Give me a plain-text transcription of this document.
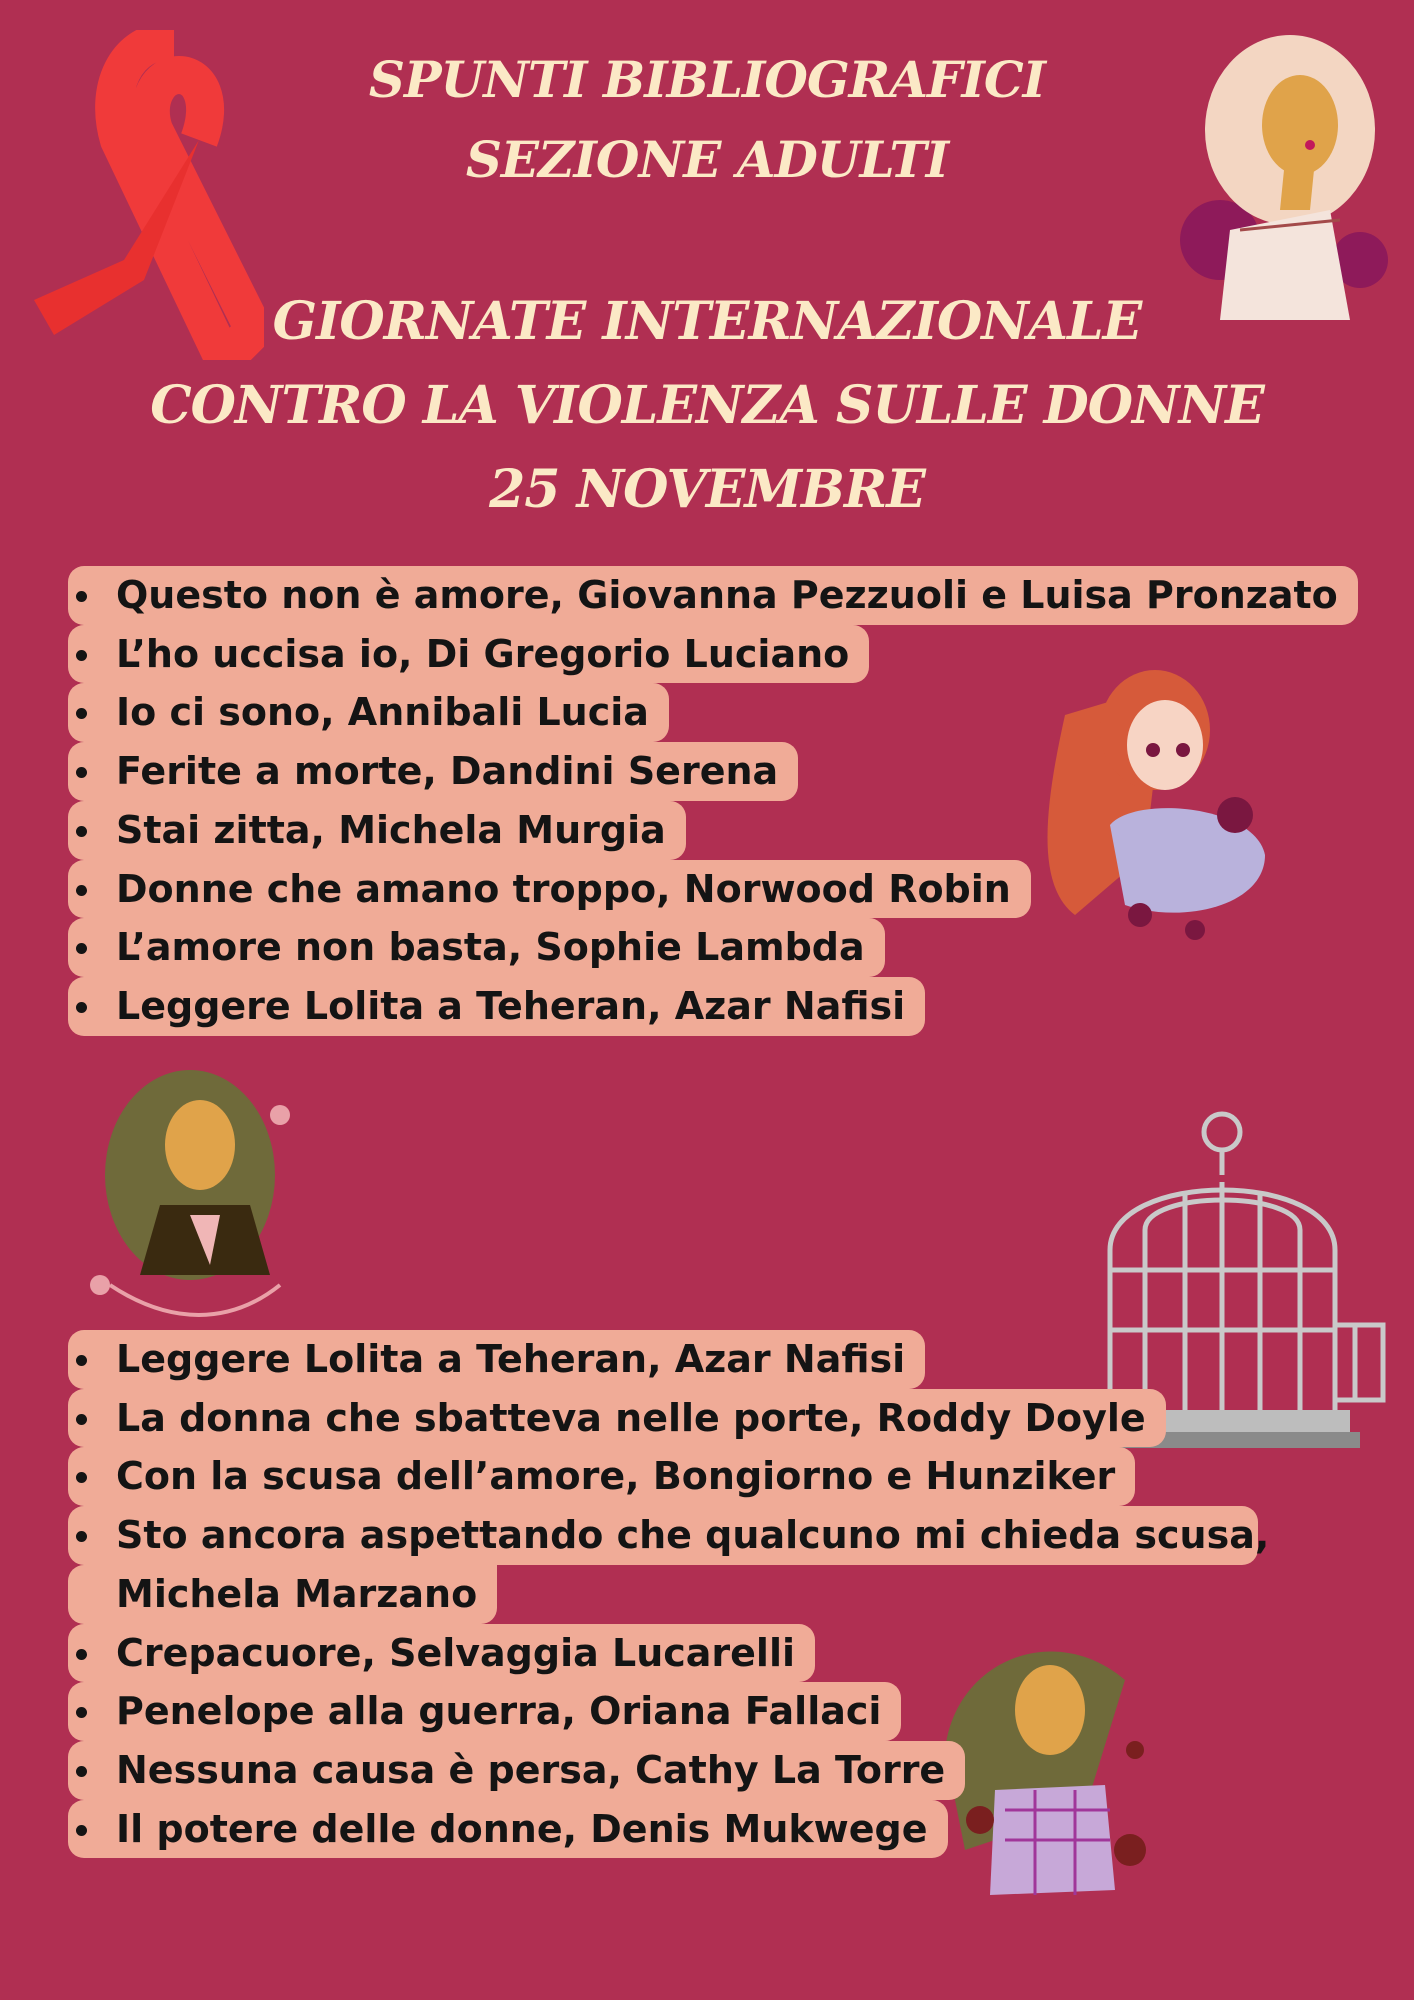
SPUNTI BIBLIOGRAFICI
SEZIONE ADULTI
GIORNATE INTERNAZIONALE
CONTRO LA VIOLENZA SULLE DONNE
25 NOVEMBRE
Questo non è amore, Giovanna Pezzuoli e Luisa Pronzato
L’ho uccisa io, Di Gregorio Luciano
Io ci sono, Annibali Lucia
Ferite a morte, Dandini Serena
Stai zitta, Michela Murgia
Donne che amano troppo, Norwood Robin
L’amore non basta, Sophie Lambda
Leggere Lolita a Teheran, Azar Nafisi
Leggere Lolita a Teheran, Azar Nafisi
La donna che sbatteva nelle porte, Roddy Doyle
Con la scusa dell’amore, Bongiorno e Hunziker
Sto ancora aspettando che qualcuno mi chieda scusa,
Michela Marzano
Crepacuore, Selvaggia Lucarelli
Penelope alla guerra, Oriana Fallaci
Nessuna causa è persa, Cathy La Torre
Il potere delle donne, Denis Mukwege
